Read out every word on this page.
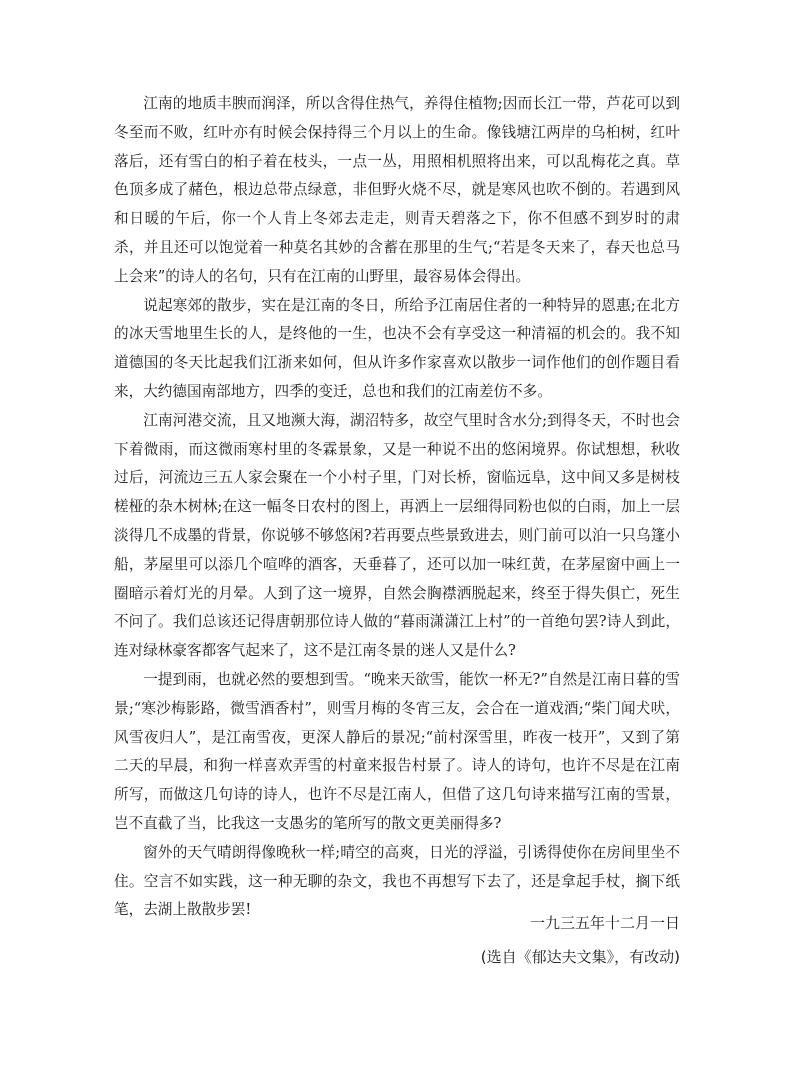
江南的地质丰腴而润泽，所以含得住热气，养得住植物;因而长江一带，芦花可以到冬至而不败，红叶亦有时候会保持得三个月以上的生命。像钱塘江两岸的乌桕树，红叶落后，还有雪白的桕子着在枝头，一点一丛，用照相机照将出来，可以乱梅花之真。草色顶多成了赭色，根边总带点绿意，非但野火烧不尽，就是寒风也吹不倒的。若遇到风和日暖的午后，你一个人肯上冬郊去走走，则青天碧落之下，你不但感不到岁时的肃杀，并且还可以饱觉着一种莫名其妙的含蓄在那里的生气;“若是冬天来了，春天也总马上会来”的诗人的名句，只有在江南的山野里，最容易体会得出。

说起寒郊的散步，实在是江南的冬日，所给予江南居住者的一种特异的恩惠;在北方的冰天雪地里生长的人，是终他的一生，也决不会有享受这一种清福的机会的。我不知道德国的冬天比起我们江浙来如何，但从许多作家喜欢以散步一词作他们的创作题目看来，大约德国南部地方，四季的变迁，总也和我们的江南差仿不多。

江南河港交流，且又地濒大海，湖沼特多，故空气里时含水分;到得冬天，不时也会下着微雨，而这微雨寒村里的冬霖景象，又是一种说不出的悠闲境界。你试想想，秋收过后，河流边三五人家会聚在一个小村子里，门对长桥，窗临远阜，这中间又多是树枝槎桠的杂木树林;在这一幅冬日农村的图上，再洒上一层细得同粉也似的白雨，加上一层淡得几不成墨的背景，你说够不够悠闲?若再要点些景致进去，则门前可以泊一只乌篷小船，茅屋里可以添几个喧哗的酒客，天垂暮了，还可以加一味红黄，在茅屋窗中画上一圈暗示着灯光的月晕。人到了这一境界，自然会胸襟洒脱起来，终至于得失俱亡，死生不问了。我们总该还记得唐朝那位诗人做的“暮雨潇潇江上村”的一首绝句罢?诗人到此，连对绿林豪客都客气起来了，这不是江南冬景的迷人又是什么?

一提到雨，也就必然的要想到雪。“晚来天欲雪，能饮一杯无?”自然是江南日暮的雪景;“寒沙梅影路，微雪酒香村”，则雪月梅的冬宵三友，会合在一道戏酒;“柴门闻犬吠，风雪夜归人”，是江南雪夜，更深人静后的景况;“前村深雪里，昨夜一枝开”，又到了第二天的早晨，和狗一样喜欢弄雪的村童来报告村景了。诗人的诗句，也许不尽是在江南所写，而做这几句诗的诗人，也许不尽是江南人，但借了这几句诗来描写江南的雪景，岂不直截了当，比我这一支愚劣的笔所写的散文更美丽得多?

窗外的天气晴朗得像晚秋一样;晴空的高爽，日光的浮溢，引诱得使你在房间里坐不住。空言不如实践，这一种无聊的杂文，我也不再想写下去了，还是拿起手杖，搁下纸笔，去湖上散散步罢!

一九三五年十二月一日
(选自《郁达夫文集》，有改动)
